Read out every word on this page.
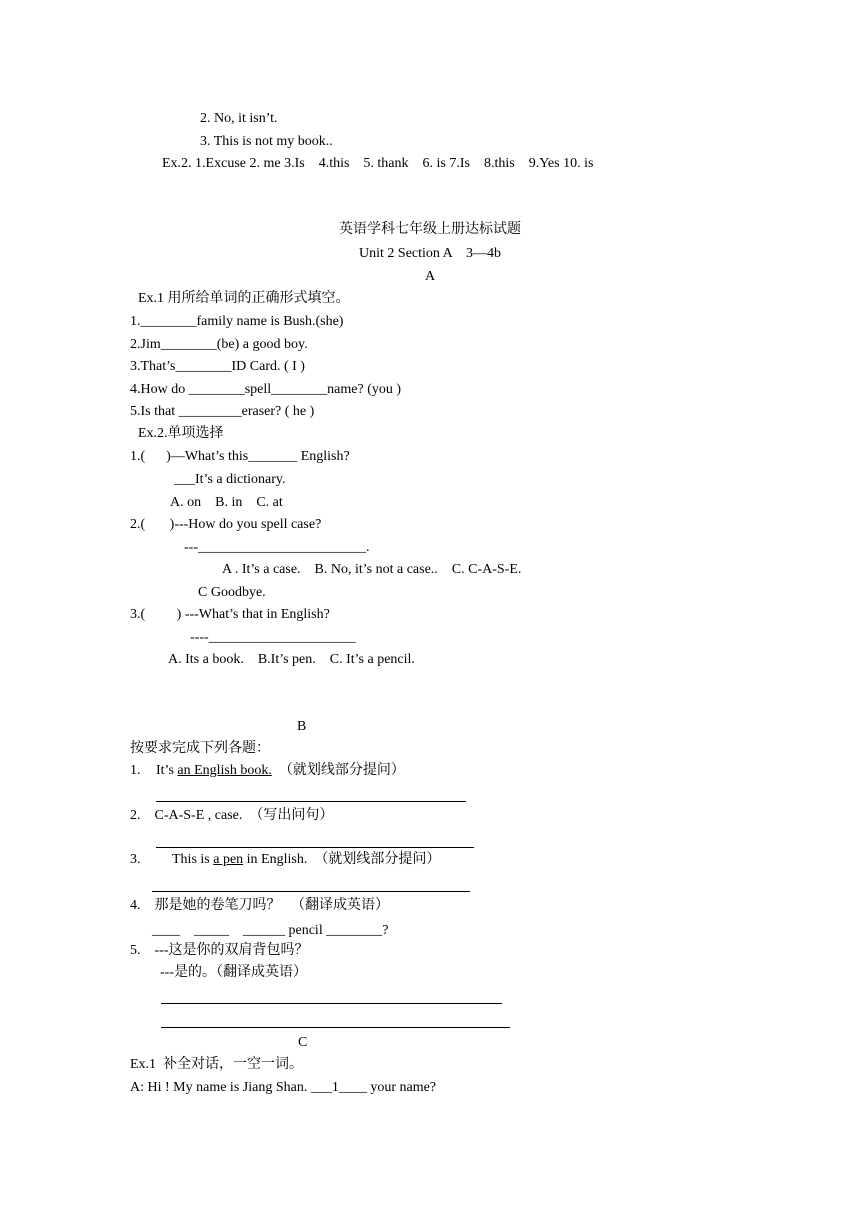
2. No, it isn’t.
3. This is not my book..
Ex.2. 1.Excuse 2. me 3.Is    4.this    5. thank    6. is 7.Is    8.this    9.Yes 10. is
英语学科七年级上册达标试题
Unit 2 Section A    3—4b
A
Ex.1 用所给单词的正确形式填空。
1.________family name is Bush.(she)
2.Jim________(be) a good boy.
3.That’s________ID Card. ( I )
4.How do ________spell________name? (you )
5.Is that _________eraser? ( he )
Ex.2.单项选择
1.(      )—What’s this_______ English?
___It’s a dictionary.
A. on    B. in    C. at
2.(       )---How do you spell case?
---________________________.
A . It’s a case.    B. No, it’s not a case..    C. C-A-S-E.
C Goodbye.
3.(         ) ---What’s that in English?
----_____________________
A. Its a book.    B.It’s pen.    C. It’s a pencil.
B
按要求完成下列各题：
1. It’s an English book.  （就划线部分提问）
2.    C-A-S-E , case.  （写出问句）
3. This is a pen in English.  （就划线部分提问）
4.    那是她的卷笔刀吗？   （翻译成英语）
____    _____    ______ pencil ________?
5.    ---这是你的双肩背包吗？
---是的。（翻译成英语）
C
Ex.1  补全对话，一空一词。
A: Hi ! My name is Jiang Shan. ___1____ your name?
